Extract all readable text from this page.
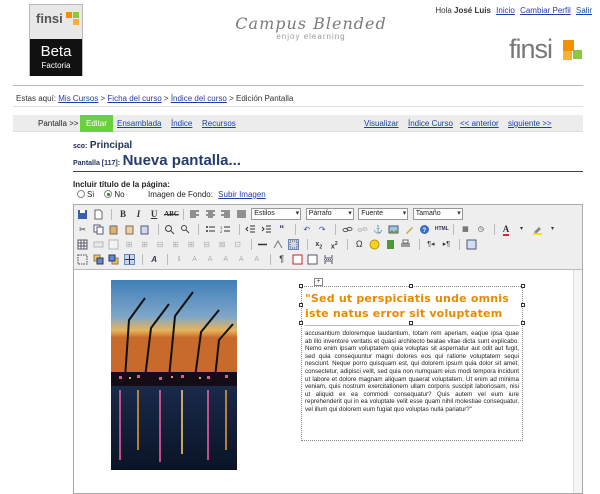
finsi
Beta
Factoria
Campus Blended
enjoy elearning
Hola José Luis Inicio Cambiar Perfil Salir
finsi
Estas aquí: Mis Cursos > Ficha del curso > Índice del curso > Edición Pantalla
Pantalla >> Editar	Ensamblada Índice Recursos	Visualizar Índice Curso << anterior siguiente >>
sco: Principal
Pantalla [117]: Nueva pantalla...
Incluir título de la página:
Si	No	Imagen de Fondo: Subir Imagen
B I U ABC	Estilos ▾	Párrafo ▾	Fuente ▾	Tamaño ▾
✂	1
2	“ ↶ ↷	⚓	? HTML ▦ ◷ A ▾	▾
⊞ ⊞ ⊟ ⊞ ⊞ ⊟ ⊠ ⊡	$x_2$ $x^2$ Ω	¶◂ ▸¶
A	ℹ A A A A A ¶
+
"Sed ut perspiciatis unde omnis iste natus error sit voluptatem
accusantium doloremque laudantium, totam rem aperiam, eaque ipsa quae ab illo inventore veritatis et quasi architecto beatae vitae dicta sunt explicabo. Nemo enim ipsam voluptatem quia voluptas sit aspernatur aut odit aut fugit, sed quia consequuntur magni dolores eos qui ratione voluptatem sequi nesciunt. Neque porro quisquam est, qui dolorem ipsum quia dolor sit amet, consectetur, adipisci velit, sed quia non numquam eius modi tempora incidunt ut labore et dolore magnam aliquam quaerat voluptatem. Ut enim ad minima veniam, quis nostrum exercitationem ullam corporis suscipit laboriosam, nisi ut aliquid ex ea commodi consequatur? Quis autem vel eum iure reprehenderit qui in ea voluptate velit esse quam nihil molestiae consequatur, vel illum qui dolorem eum fugiat quo voluptas nulla pariatur?"
